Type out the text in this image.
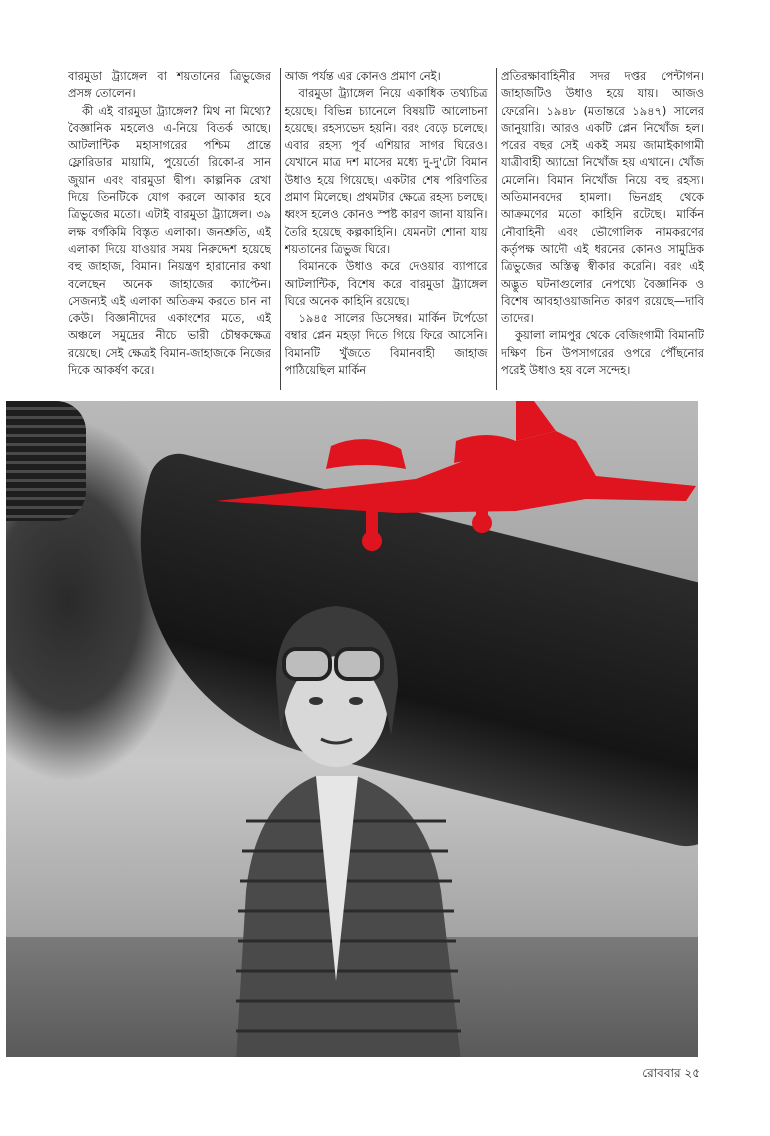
বারমুডা ট্র্যাঙ্গেল বা শয়তানের ত্রিভুজের প্রসঙ্গ তোলেন।

কী এই বারমুডা ট্র্যাঙ্গেল? মিথ না মিথ্যে? বৈজ্ঞানিক মহলেও এ-নিয়ে বিতর্ক আছে। আটলান্টিক মহাসাগরের পশ্চিম প্রান্তে ফ্লোরিডার মায়ামি, পুয়ের্তো রিকো-র সান জুয়ান এবং বারমুডা দ্বীপ। কাল্পনিক রেখা দিয়ে তিনটিকে যোগ করলে আকার হবে ত্রিভুজের মতো। এটাই বারমুডা ট্র্যাঙ্গেল। ৩৯ লক্ষ বর্গকিমি বিস্তৃত এলাকা। জনশ্রুতি, এই এলাকা দিয়ে যাওয়ার সময় নিরুদ্দেশ হয়েছে বহু জাহাজ, বিমান। নিয়ন্ত্রণ হারানোর কথা বলেছেন অনেক জাহাজের ক্যাপ্টেন। সেজন্যই এই এলাকা অতিক্রম করতে চান না কেউ। বিজ্ঞানীদের একাংশের মতে, এই অঞ্চলে সমুদ্রের নীচে ভারী চৌম্বকক্ষেত্র রয়েছে। সেই ক্ষেত্রই বিমান-জাহাজকে নিজের দিকে আকর্ষণ করে।

আজ পর্যন্ত এর কোনও প্রমাণ নেই।

বারমুডা ট্র্যাঙ্গেল নিয়ে একাধিক তথ্যচিত্র হয়েছে। বিভিন্ন চ্যানেলে বিষয়টি আলোচনা হয়েছে। রহস্যভেদ হয়নি। বরং বেড়ে চলেছে। এবার রহস্য পূর্ব এশিয়ার সাগর ঘিরেও। যেখানে মাত্র দশ মাসের মধ্যে দু-দু'টো বিমান উধাও হয়ে গিয়েছে। একটার শেষ পরিণতির প্রমাণ মিলেছে। প্রথমটার ক্ষেত্রে রহস্য চলছে। ধ্বংস হলেও কোনও স্পষ্ট কারণ জানা যায়নি। তৈরি হয়েছে কল্পকাহিনি। যেমনটা শোনা যায় শয়তানের ত্রিভুজ ঘিরে।

বিমানকে উধাও করে দেওয়ার ব্যাপারে আটলান্টিক, বিশেষ করে বারমুডা ট্র্যাঙ্গেল ঘিরে অনেক কাহিনি রয়েছে।

১৯৪৫ সালের ডিসেম্বর। মার্কিন টর্পেডো বম্বার প্লেন মহড়া দিতে গিয়ে ফিরে আসেনি। বিমানটি খুঁজতে বিমানবাহী জাহাজ পাঠিয়েছিল মার্কিন

প্রতিরক্ষাবাহিনীর সদর দপ্তর পেন্টাগন। জাহাজটিও উধাও হয়ে যায়। আজও ফেরেনি। ১৯৪৮ (মতান্তরে ১৯৪৭) সালের জানুয়ারি। আরও একটি প্লেন নিখোঁজ হল। পরের বছর সেই একই সময় জামাইকাগামী যাত্রীবাহী অ্যাভ্রো নিখোঁজ হয় এখানে। খোঁজ মেলেনি। বিমান নিখোঁজ নিয়ে বহু রহস্য। অতিমানবদের হামলা। ভিনগ্রহ থেকে আক্রমণের মতো কাহিনি রটেছে। মার্কিন নৌবাহিনী এবং ভৌগোলিক নামকরণের কর্তৃপক্ষ আদৌ এই ধরনের কোনও সামুদ্রিক ত্রিভুজের অস্তিত্ব স্বীকার করেনি। বরং এই অদ্ভুত ঘটনাগুলোর নেপথ্যে বৈজ্ঞানিক ও বিশেষ আবহাওয়াজনিত কারণ রয়েছে—দাবি তাদের।

কুয়ালা লামপুর থেকে বেজিংগামী বিমানটি দক্ষিণ চিন উপসাগরের ওপরে পৌঁছনোর পরেই উধাও হয় বলে সন্দেহ।

রোববার ২৫
